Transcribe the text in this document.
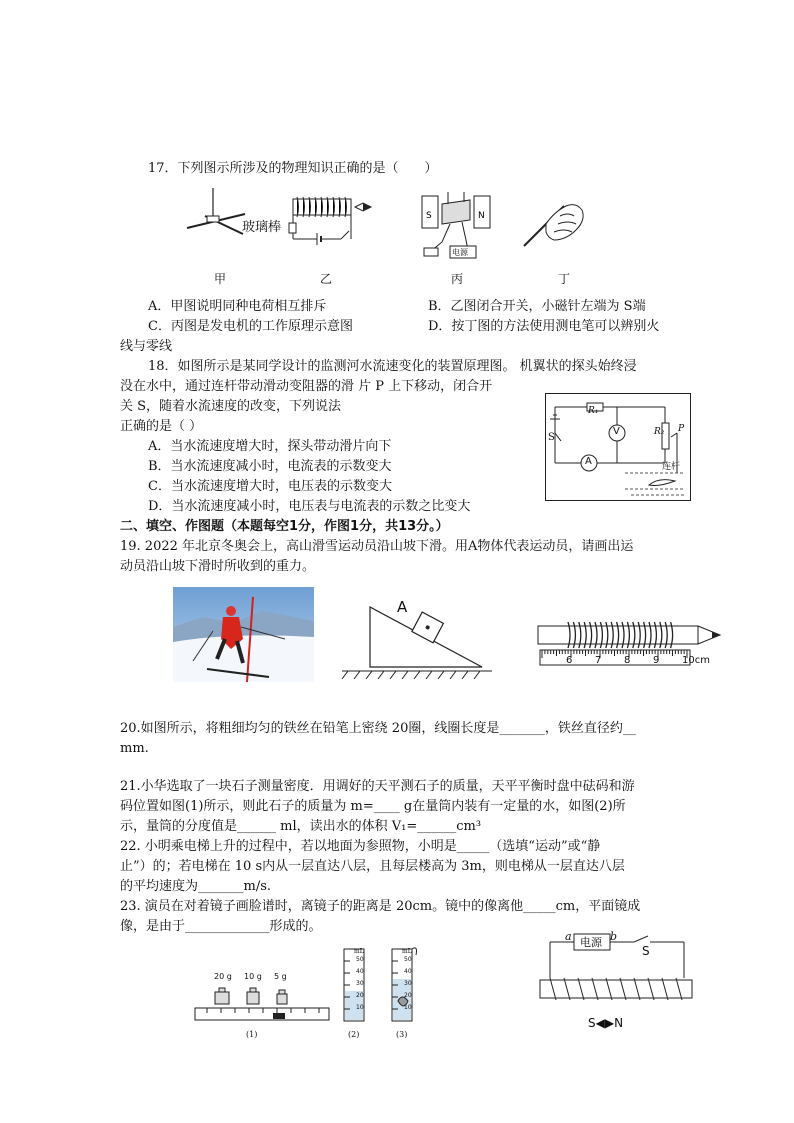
17．下列图示所涉及的物理知识正确的是（　　）
玻璃棒
S	N
电源
甲	乙	丙	丁
A．甲图说明同种电荷相互排斥	B．乙图闭合开关，小磁针左端为 S端
C．丙图是发电机的工作原理示意图	D．按丁图的方法使用测电笔可以辨别火
线与零线
18．如图所示是某同学设计的监测河水流速变化的装置原理图。 机翼状的探头始终浸
没在水中，通过连杆带动滑动变阻器的滑 片 P 上下移动，闭合开
关 S，随着水流速度的改变，下列说法
正确的是（ ）
A．当水流速度增大时，探头带动滑片向下
B．当水流速度减小时，电流表的示数变大
C．当水流速度增大时，电压表的示数变大
D．当水流速度减小时，电压表与电流表的示数之比变大
R₁
R₂ P
S
V
A	连杆
二、填空、作图题（本题每空1分，作图1分，共13分。）
19. 2022 年北京冬奥会上，高山滑雪运动员沿山坡下滑。用A物体代表运动员，请画出运
动员沿山坡下滑时所收到的重力。
A
6 7 8 9 10cm
20.如图所示，将粗细均匀的铁丝在铅笔上密绕 20圈，线圈长度是_______，铁丝直径约__
mm.
21.小华选取了一块石子测量密度．用调好的天平测石子的质量，天平平衡时盘中砝码和游
码位置如图(1)所示，则此石子的质量为 m=____ g在量筒内装有一定量的水，如图(2)所
示，量筒的分度值是______ ml，读出水的体积 V₁=______cm³
22. 小明乘电梯上升的过程中，若以地面为参照物，小明是_____（选填“运动”或“静
止”）的；若电梯在 10 s内从一层直达八层，且每层楼高为 3m，则电梯从一层直达八层
的平均速度为_______m/s.
23. 演员在对着镜子画脸谱时，离镜子的距离是 20cm。镜中的像离他_____cm，平面镜成
像，是由于_____________形成的。
20 g 10 g 5 g
mL	mL
50
40
30
20
10
50
40
30
20
10
(1)	(2)	(3)
a 电源 b
S
S◀▶N
